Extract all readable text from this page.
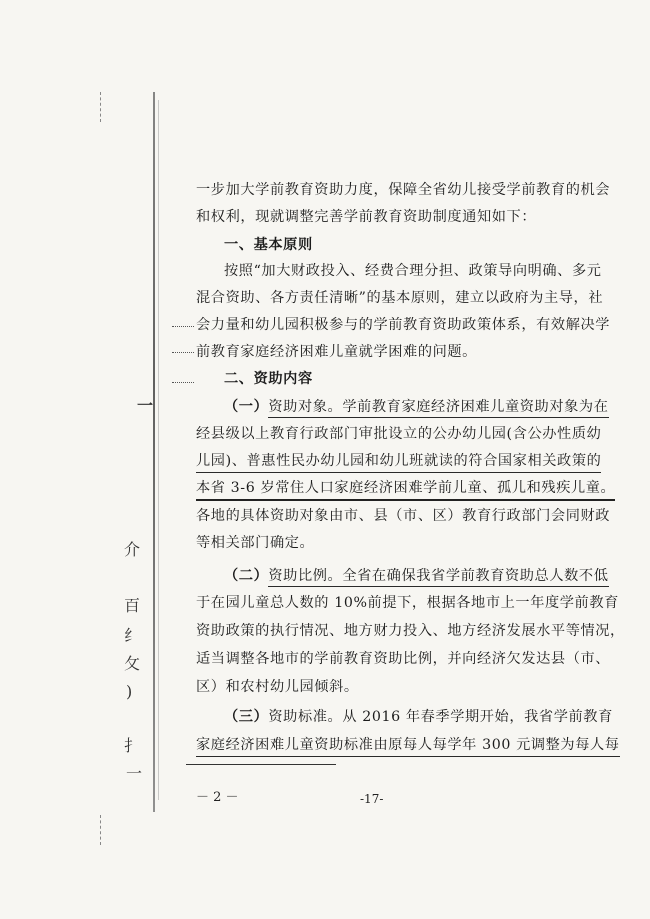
一
介
百
纟
攵
)
扌
一
一步加大学前教育资助力度，保障全省幼儿接受学前教育的机会
和权利，现就调整完善学前教育资助制度通知如下：
一、基本原则
按照“加大财政投入、经费合理分担、政策导向明确、多元
混合资助、各方责任清晰”的基本原则，建立以政府为主导，社
会力量和幼儿园积极参与的学前教育资助政策体系，有效解决学
前教育家庭经济困难儿童就学困难的问题。
二、资助内容
（一）资助对象。学前教育家庭经济困难儿童资助对象为在
经县级以上教育行政部门审批设立的公办幼儿园(含公办性质幼
儿园)、普惠性民办幼儿园和幼儿班就读的符合国家相关政策的
本省 3-6 岁常住人口家庭经济困难学前儿童、孤儿和残疾儿童。
各地的具体资助对象由市、县（市、区）教育行政部门会同财政
等相关部门确定。
（二）资助比例。全省在确保我省学前教育资助总人数不低
于在园儿童总人数的 10%前提下，根据各地市上一年度学前教育
资助政策的执行情况、地方财力投入、地方经济发展水平等情况，
适当调整各地市的学前教育资助比例，并向经济欠发达县（市、
区）和农村幼儿园倾斜。
（三）资助标准。从 2016 年春季学期开始，我省学前教育
家庭经济困难儿童资助标准由原每人每学年 300 元调整为每人每
－ 2 －	-17-
